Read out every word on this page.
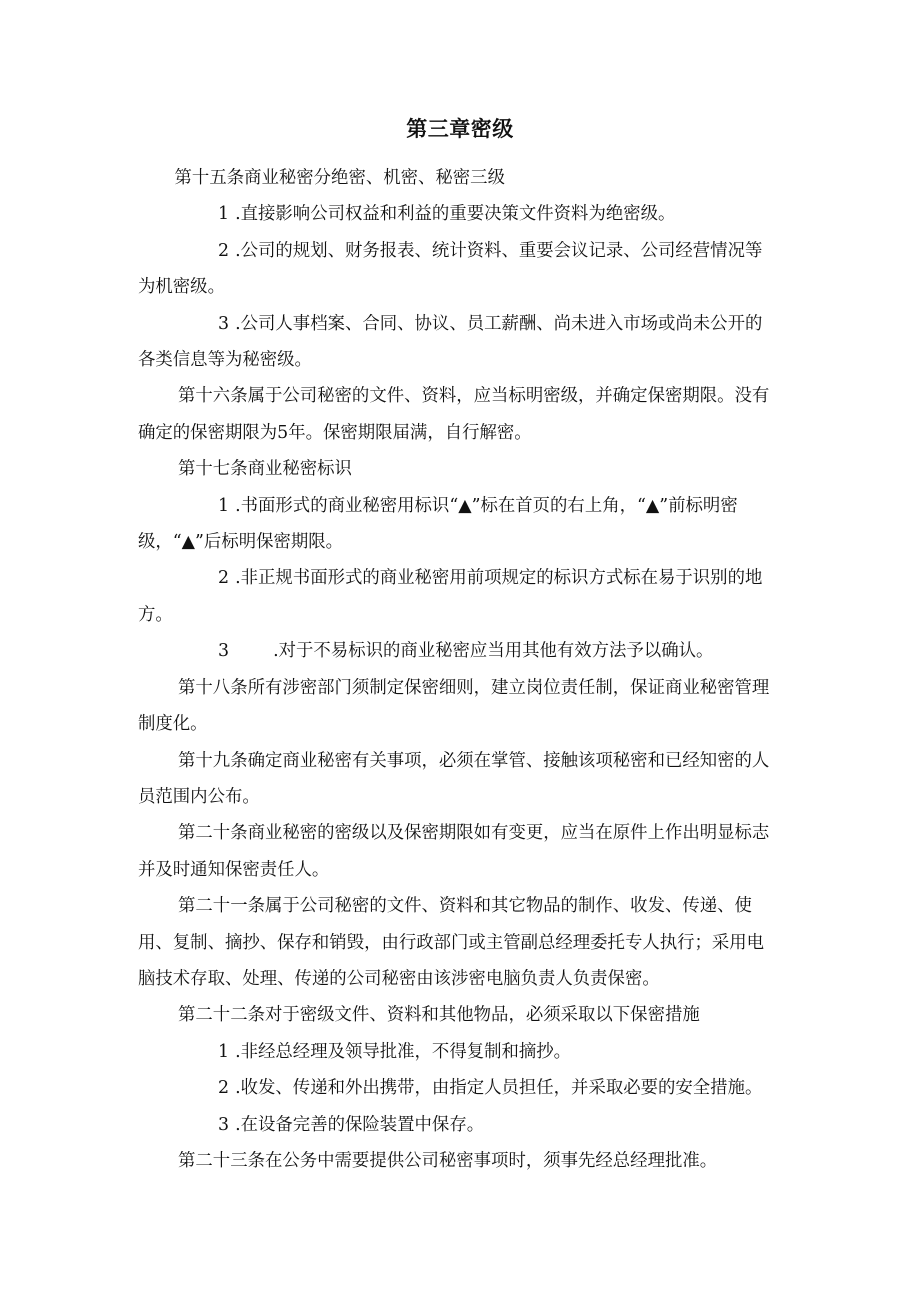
第三章密级

第十五条商业秘密分绝密、机密、秘密三级

1 .直接影响公司权益和利益的重要决策文件资料为绝密级。

2 .公司的规划、财务报表、统计资料、重要会议记录、公司经营情况等为机密级。

3 .公司人事档案、合同、协议、员工薪酬、尚未进入市场或尚未公开的各类信息等为秘密级。

第十六条属于公司秘密的文件、资料，应当标明密级，并确定保密期限。没有确定的保密期限为5年。保密期限届满，自行解密。

第十七条商业秘密标识

1 .书面形式的商业秘密用标识“▲”标在首页的右上角，“▲”前标明密级，“▲”后标明保密期限。

2 .非正规书面形式的商业秘密用前项规定的标识方式标在易于识别的地方。

3	.对于不易标识的商业秘密应当用其他有效方法予以确认。

第十八条所有涉密部门须制定保密细则，建立岗位责任制，保证商业秘密管理制度化。

第十九条确定商业秘密有关事项，必须在掌管、接触该项秘密和已经知密的人员范围内公布。

第二十条商业秘密的密级以及保密期限如有变更，应当在原件上作出明显标志并及时通知保密责任人。

第二十一条属于公司秘密的文件、资料和其它物品的制作、收发、传递、使用、复制、摘抄、保存和销毁，由行政部门或主管副总经理委托专人执行；采用电脑技术存取、处理、传递的公司秘密由该涉密电脑负责人负责保密。

第二十二条对于密级文件、资料和其他物品，必须采取以下保密措施

1 .非经总经理及领导批准，不得复制和摘抄。

2 .收发、传递和外出携带，由指定人员担任，并采取必要的安全措施。

3 .在设备完善的保险装置中保存。

第二十三条在公务中需要提供公司秘密事项时，须事先经总经理批准。
